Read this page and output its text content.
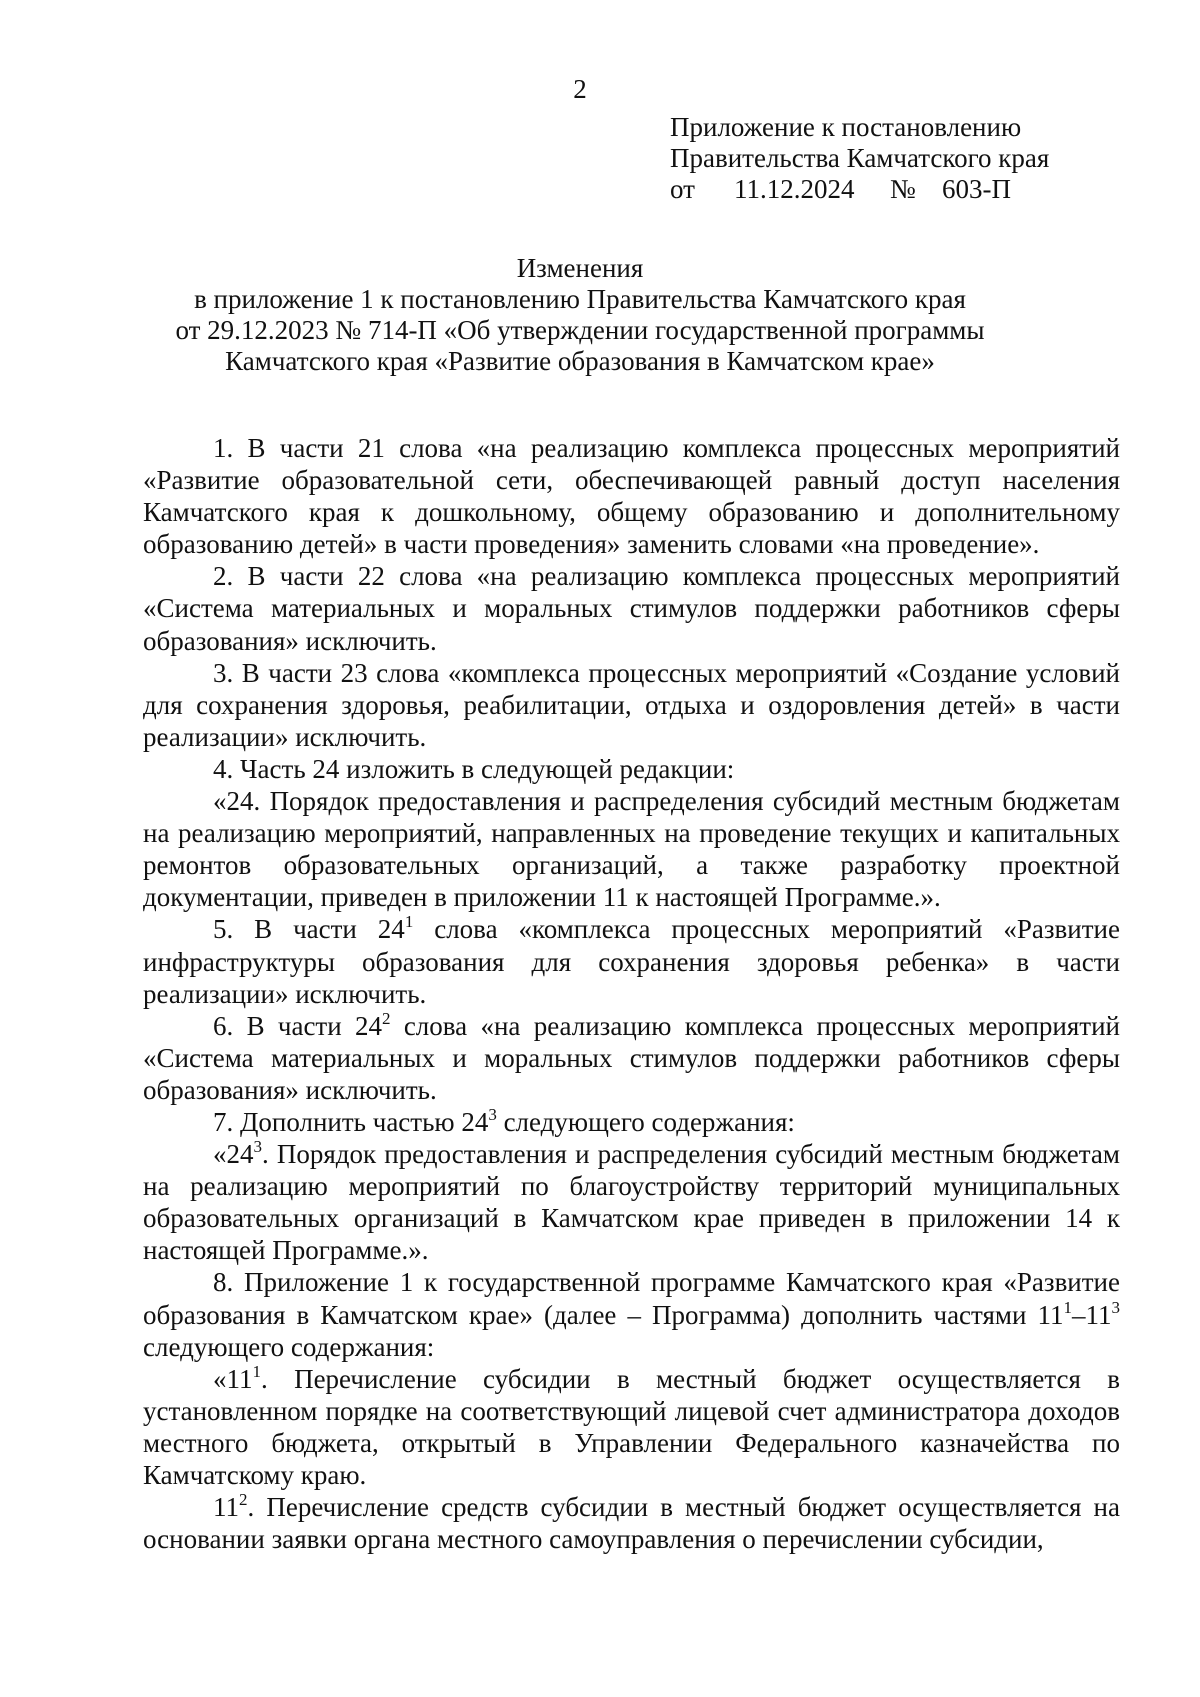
2
Приложение к постановлению
Правительства Камчатского края
от 11.12.2024 № 603-П
Изменения
в приложение 1 к постановлению Правительства Камчатского края
от 29.12.2023 № 714-П «Об утверждении государственной программы
Камчатского края «Развитие образования в Камчатском крае»

1. В части 21 слова «на реализацию комплекса процессных мероприятий «Развитие образовательной сети, обеспечивающей равный доступ населения Камчатского края к дошкольному, общему образованию и дополнительному образованию детей» в части проведения» заменить словами «на проведение».

2. В части 22 слова «на реализацию комплекса процессных мероприятий «Система материальных и моральных стимулов поддержки работников сферы образования» исключить.

3. В части 23 слова «комплекса процессных мероприятий «Создание условий для сохранения здоровья, реабилитации, отдыха и оздоровления детей» в части реализации» исключить.

4. Часть 24 изложить в следующей редакции:

«24. Порядок предоставления и распределения субсидий местным бюджетам на реализацию мероприятий, направленных на проведение текущих и капитальных ремонтов образовательных организаций, а также разработку проектной документации, приведен в приложении 11 к настоящей Программе.».

5. В части $24^1$ слова «комплекса процессных мероприятий «Развитие инфраструктуры образования для сохранения здоровья ребенка» в части реализации» исключить.

6. В части $24^2$ слова «на реализацию комплекса процессных мероприятий «Система материальных и моральных стимулов поддержки работников сферы образования» исключить.

7. Дополнить частью $24^3$ следующего содержания:

«$24^3$. Порядок предоставления и распределения субсидий местным бюджетам на реализацию мероприятий по благоустройству территорий муниципальных образовательных организаций в Камчатском крае приведен в приложении 14 к настоящей Программе.».

8. Приложение 1 к государственной программе Камчатского края «Развитие образования в Камчатском крае» (далее – Программа) дополнить частями $11^1-11^3$ следующего содержания:

«$11^1$. Перечисление субсидии в местный бюджет осуществляется в установленном порядке на соответствующий лицевой счет администратора доходов местного бюджета, открытый в Управлении Федерального казначейства по Камчатскому краю.

$11^2$. Перечисление средств субсидии в местный бюджет осуществляется на основании заявки органа местного самоуправления о перечислении субсидии,
